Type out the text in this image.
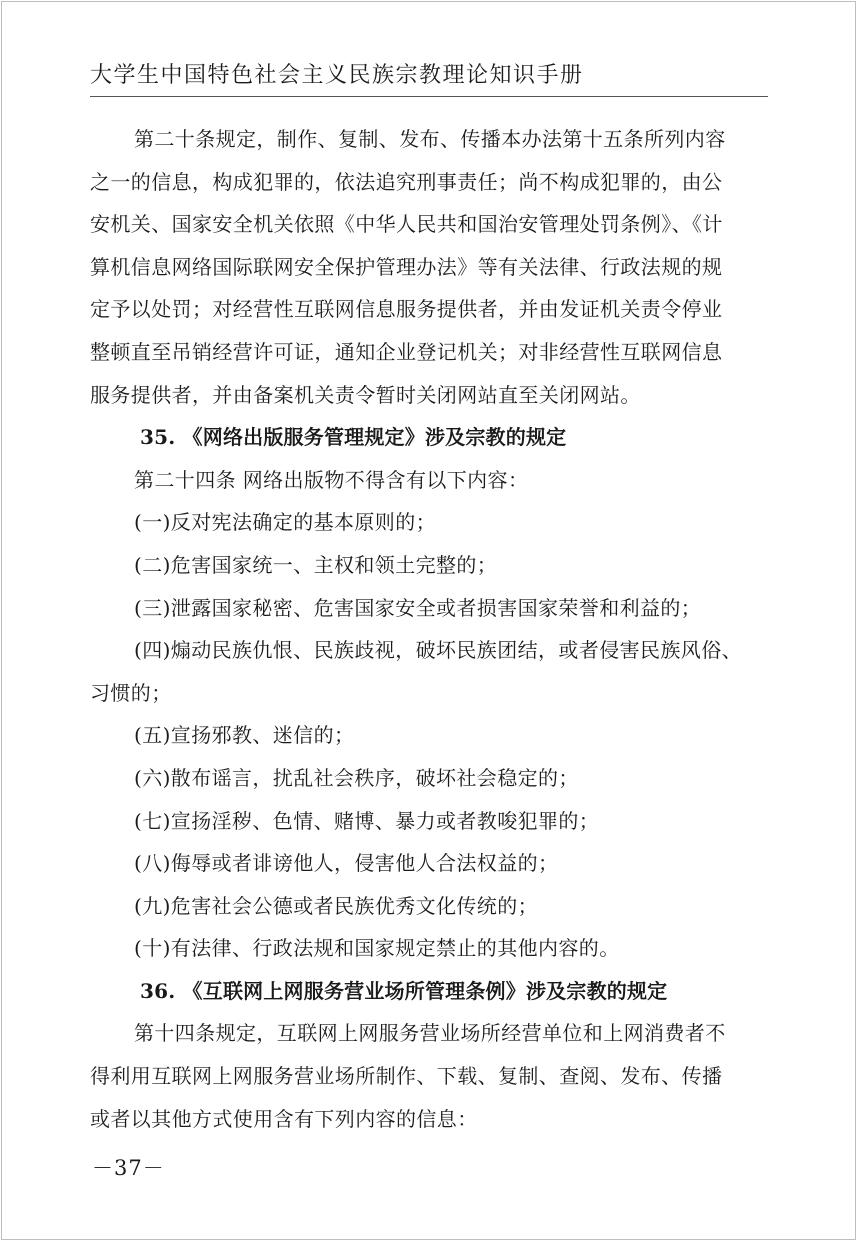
大学生中国特色社会主义民族宗教理论知识手册
第二十条规定，制作、复制、发布、传播本办法第十五条所列内容
之一的信息，构成犯罪的，依法追究刑事责任；尚不构成犯罪的，由公
安机关、国家安全机关依照《中华人民共和国治安管理处罚条例》、《计
算机信息网络国际联网安全保护管理办法》等有关法律、行政法规的规
定予以处罚；对经营性互联网信息服务提供者，并由发证机关责令停业
整顿直至吊销经营许可证，通知企业登记机关；对非经营性互联网信息
服务提供者，并由备案机关责令暂时关闭网站直至关闭网站。
35. 《网络出版服务管理规定》涉及宗教的规定
第二十四条 网络出版物不得含有以下内容：
(一)反对宪法确定的基本原则的；
(二)危害国家统一、主权和领土完整的；
(三)泄露国家秘密、危害国家安全或者损害国家荣誉和利益的；
(四)煽动民族仇恨、民族歧视，破坏民族团结，或者侵害民族风俗、
习惯的；
(五)宣扬邪教、迷信的；
(六)散布谣言，扰乱社会秩序，破坏社会稳定的；
(七)宣扬淫秽、色情、赌博、暴力或者教唆犯罪的；
(八)侮辱或者诽谤他人，侵害他人合法权益的；
(九)危害社会公德或者民族优秀文化传统的；
(十)有法律、行政法规和国家规定禁止的其他内容的。
36. 《互联网上网服务营业场所管理条例》涉及宗教的规定
第十四条规定，互联网上网服务营业场所经营单位和上网消费者不
得利用互联网上网服务营业场所制作、下载、复制、查阅、发布、传播
或者以其他方式使用含有下列内容的信息：
－37－
